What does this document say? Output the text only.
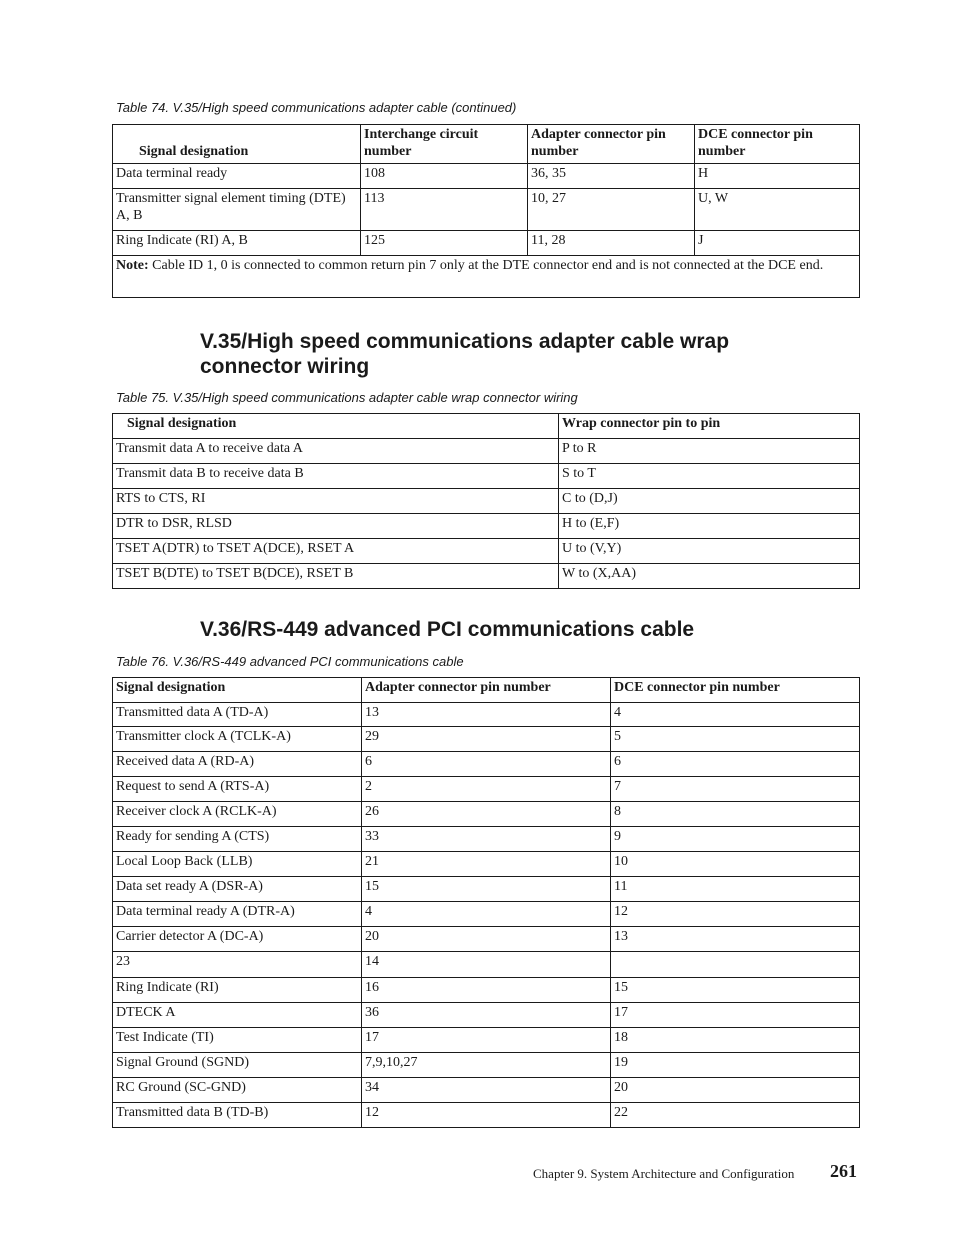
Table 74. V.35/High speed communications adapter cable (continued)
Signal designation	Interchange circuit number	Adapter connector pin number	DCE connector pin number
Data terminal ready	108	36, 35	H
Transmitter signal element timing (DTE) A, B	113	10, 27	U, W
Ring Indicate (RI) A, B	125	11, 28	J
Note: Cable ID 1, 0 is connected to common return pin 7 only at the DTE connector end and is not connected at the DCE end.			
V.35/High speed communications adapter cable wrap connector wiring
Table 75. V.35/High speed communications adapter cable wrap connector wiring
Signal designation	Wrap connector pin to pin
Transmit data A to receive data A	P to R
Transmit data B to receive data B	S to T
RTS to CTS, RI	C to (D,J)
DTR to DSR, RLSD	H to (E,F)
TSET A(DTR) to TSET A(DCE), RSET A	U to (V,Y)
TSET B(DTE) to TSET B(DCE), RSET B	W to (X,AA)
V.36/RS-449 advanced PCI communications cable
Table 76. V.36/RS-449 advanced PCI communications cable
Signal designation	Adapter connector pin number	DCE connector pin number
Transmitted data A (TD-A)	13	4
Transmitter clock A (TCLK-A)	29	5
Received data A (RD-A)	6	6
Request to send A (RTS-A)	2	7
Receiver clock A (RCLK-A)	26	8
Ready for sending A (CTS)	33	9
Local Loop Back (LLB)	21	10
Data set ready A (DSR-A)	15	11
Data terminal ready A (DTR-A)	4	12
Carrier detector A (DC-A)	20	13
23	14	
Ring Indicate (RI)	16	15
DTECK A	36	17
Test Indicate (TI)	17	18
Signal Ground (SGND)	7,9,10,27	19
RC Ground (SC-GND)	34	20
Transmitted data B (TD-B)	12	22
Chapter 9. System Architecture and Configuration 261
